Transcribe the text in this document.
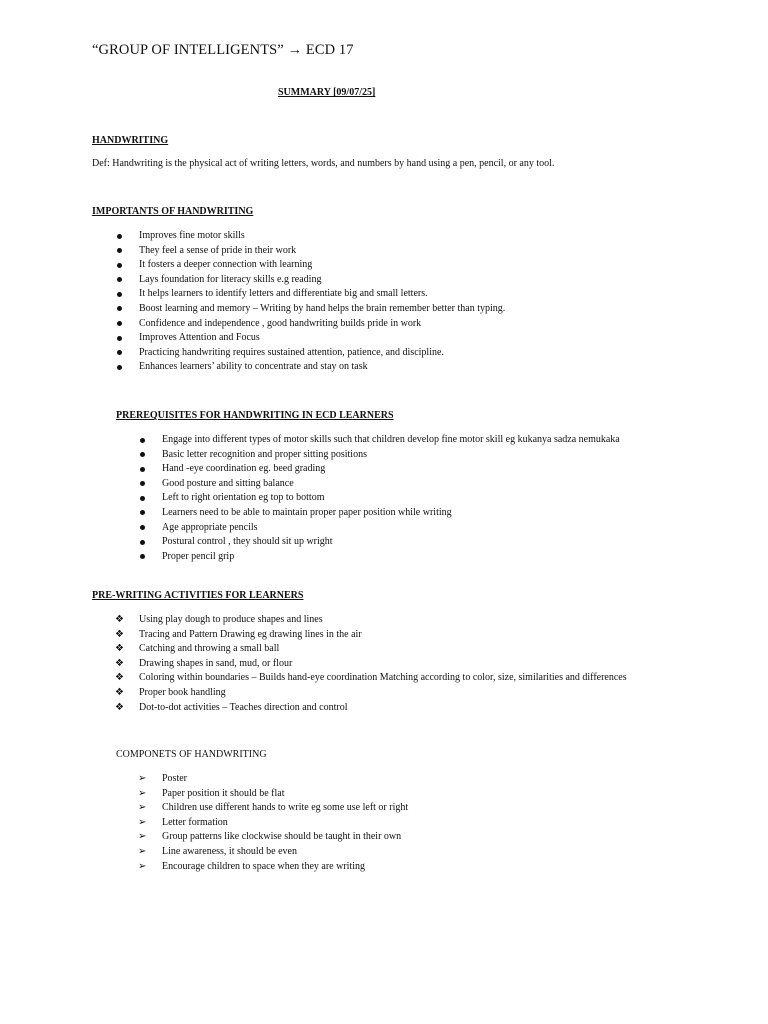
“GROUP OF INTELLIGENTS” → ECD 17
SUMMARY [09/07/25]
HANDWRITING
Def: Handwriting is the physical act of writing letters, words, and numbers by hand using a pen, pencil, or any tool.
IMPORTANTS OF HANDWRITING
Improves fine motor skills
They feel a sense of pride in their work
It fosters a deeper connection with learning
Lays foundation for literacy skills e.g reading
It helps learners to identify letters and differentiate big and small letters.
Boost learning and memory – Writing by hand helps the brain remember better than typing.
Confidence and independence , good handwriting builds pride in work
Improves Attention and Focus
Practicing handwriting requires sustained attention, patience, and discipline.
Enhances learners’ ability to concentrate and stay on task
PREREQUISITES FOR HANDWRITING IN ECD LEARNERS
Engage into different types of motor skills such that children develop fine motor skill eg kukanya sadza nemukaka
Basic letter recognition and proper sitting positions
Hand -eye coordination eg. beed grading
Good posture and sitting balance
Left to right orientation eg top to bottom
Learners need to be able to maintain proper paper position while writing
Age appropriate pencils
Postural control , they should sit up wright
Proper pencil grip
PRE-WRITING ACTIVITIES FOR LEARNERS
❖ Using play dough to produce shapes and lines
❖ Tracing and Pattern Drawing eg drawing lines in the air
❖ Catching and throwing a small ball
❖ Drawing shapes in sand, mud, or flour
❖ Coloring within boundaries – Builds hand-eye coordination Matching according to color, size, similarities and differences
❖ Proper book handling
❖ Dot-to-dot activities – Teaches direction and control
COMPONETS OF HANDWRITING
➢ Poster
➢ Paper position it should be flat
➢ Children use different hands to write eg some use left or right
➢ Letter formation
➢ Group patterns like clockwise should be taught in their own
➢ Line awareness, it should be even
➢ Encourage children to space when they are writing
